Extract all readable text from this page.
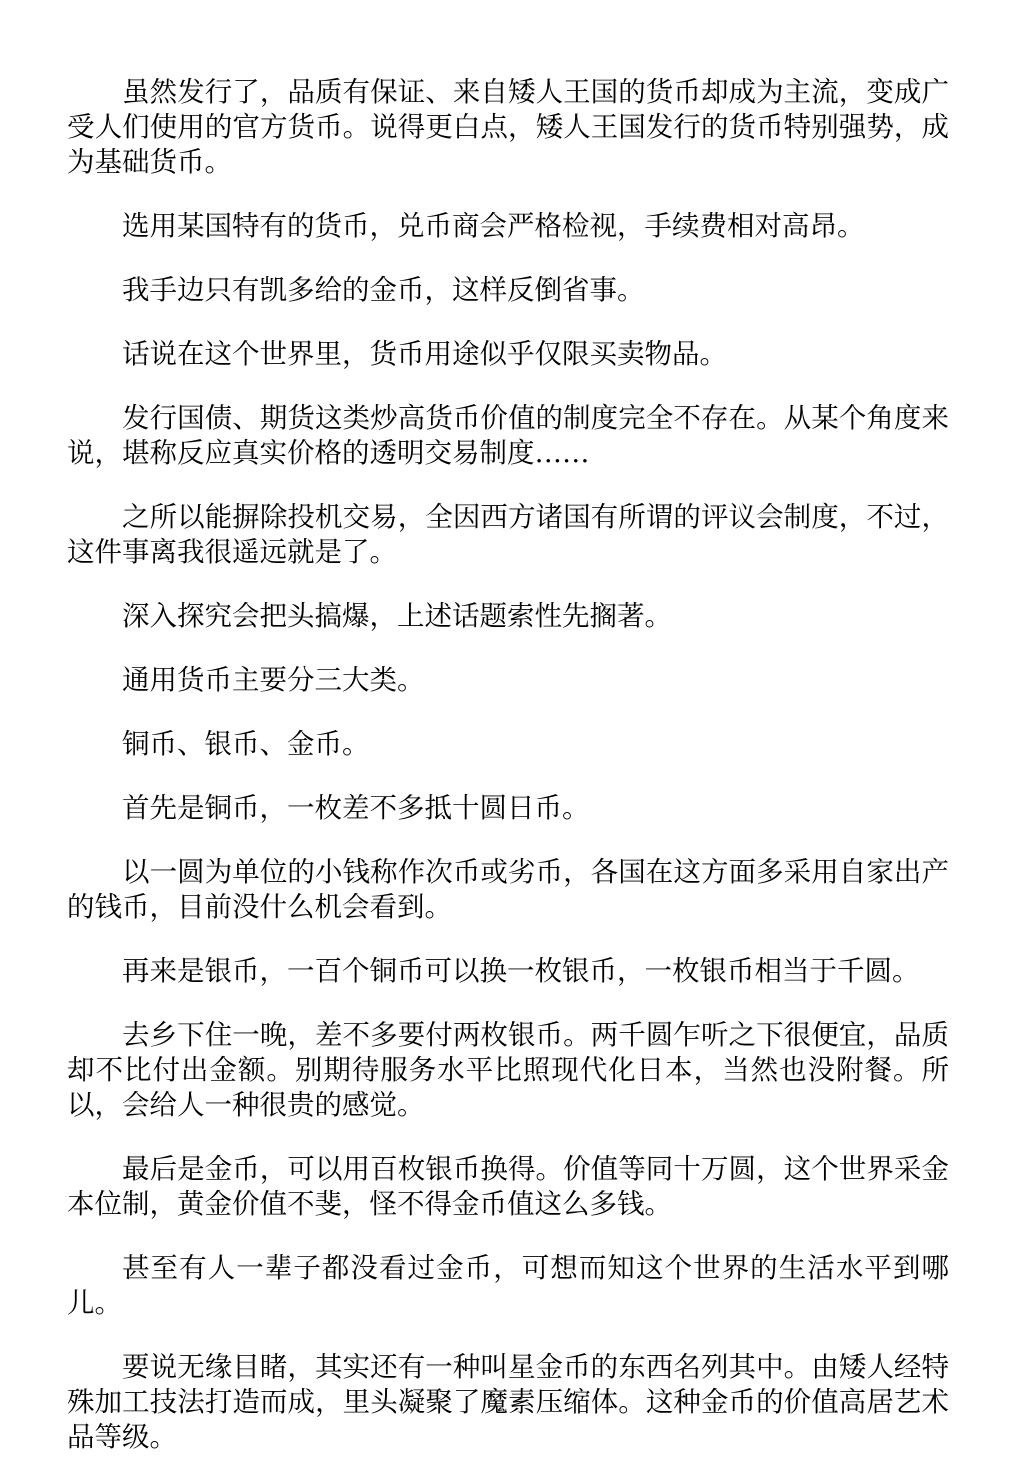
虽然发行了，品质有保证、来自矮人王国的货币却成为主流，变成广受人们使用的官方货币。说得更白点，矮人王国发行的货币特别强势，成为基础货币。

选用某国特有的货币，兑币商会严格检视，手续费相对高昂。

我手边只有凯多给的金币，这样反倒省事。

话说在这个世界里，货币用途似乎仅限买卖物品。

发行国债、期货这类炒高货币价值的制度完全不存在。从某个角度来说，堪称反应真实价格的透明交易制度……

之所以能摒除投机交易，全因西方诸国有所谓的评议会制度，不过，这件事离我很遥远就是了。

深入探究会把头搞爆，上述话题索性先搁著。

通用货币主要分三大类。

铜币、银币、金币。

首先是铜币，一枚差不多抵十圆日币。

以一圆为单位的小钱称作次币或劣币，各国在这方面多采用自家出产的钱币，目前没什么机会看到。

再来是银币，一百个铜币可以换一枚银币，一枚银币相当于千圆。

去乡下住一晚，差不多要付两枚银币。两千圆乍听之下很便宜，品质却不比付出金额。别期待服务水平比照现代化日本，当然也没附餐。所以，会给人一种很贵的感觉。

最后是金币，可以用百枚银币换得。价值等同十万圆，这个世界采金本位制，黄金价值不斐，怪不得金币值这么多钱。

甚至有人一辈子都没看过金币，可想而知这个世界的生活水平到哪儿。

要说无缘目睹，其实还有一种叫星金币的东西名列其中。由矮人经特殊加工技法打造而成，里头凝聚了魔素压缩体。这种金币的价值高居艺术品等级。
